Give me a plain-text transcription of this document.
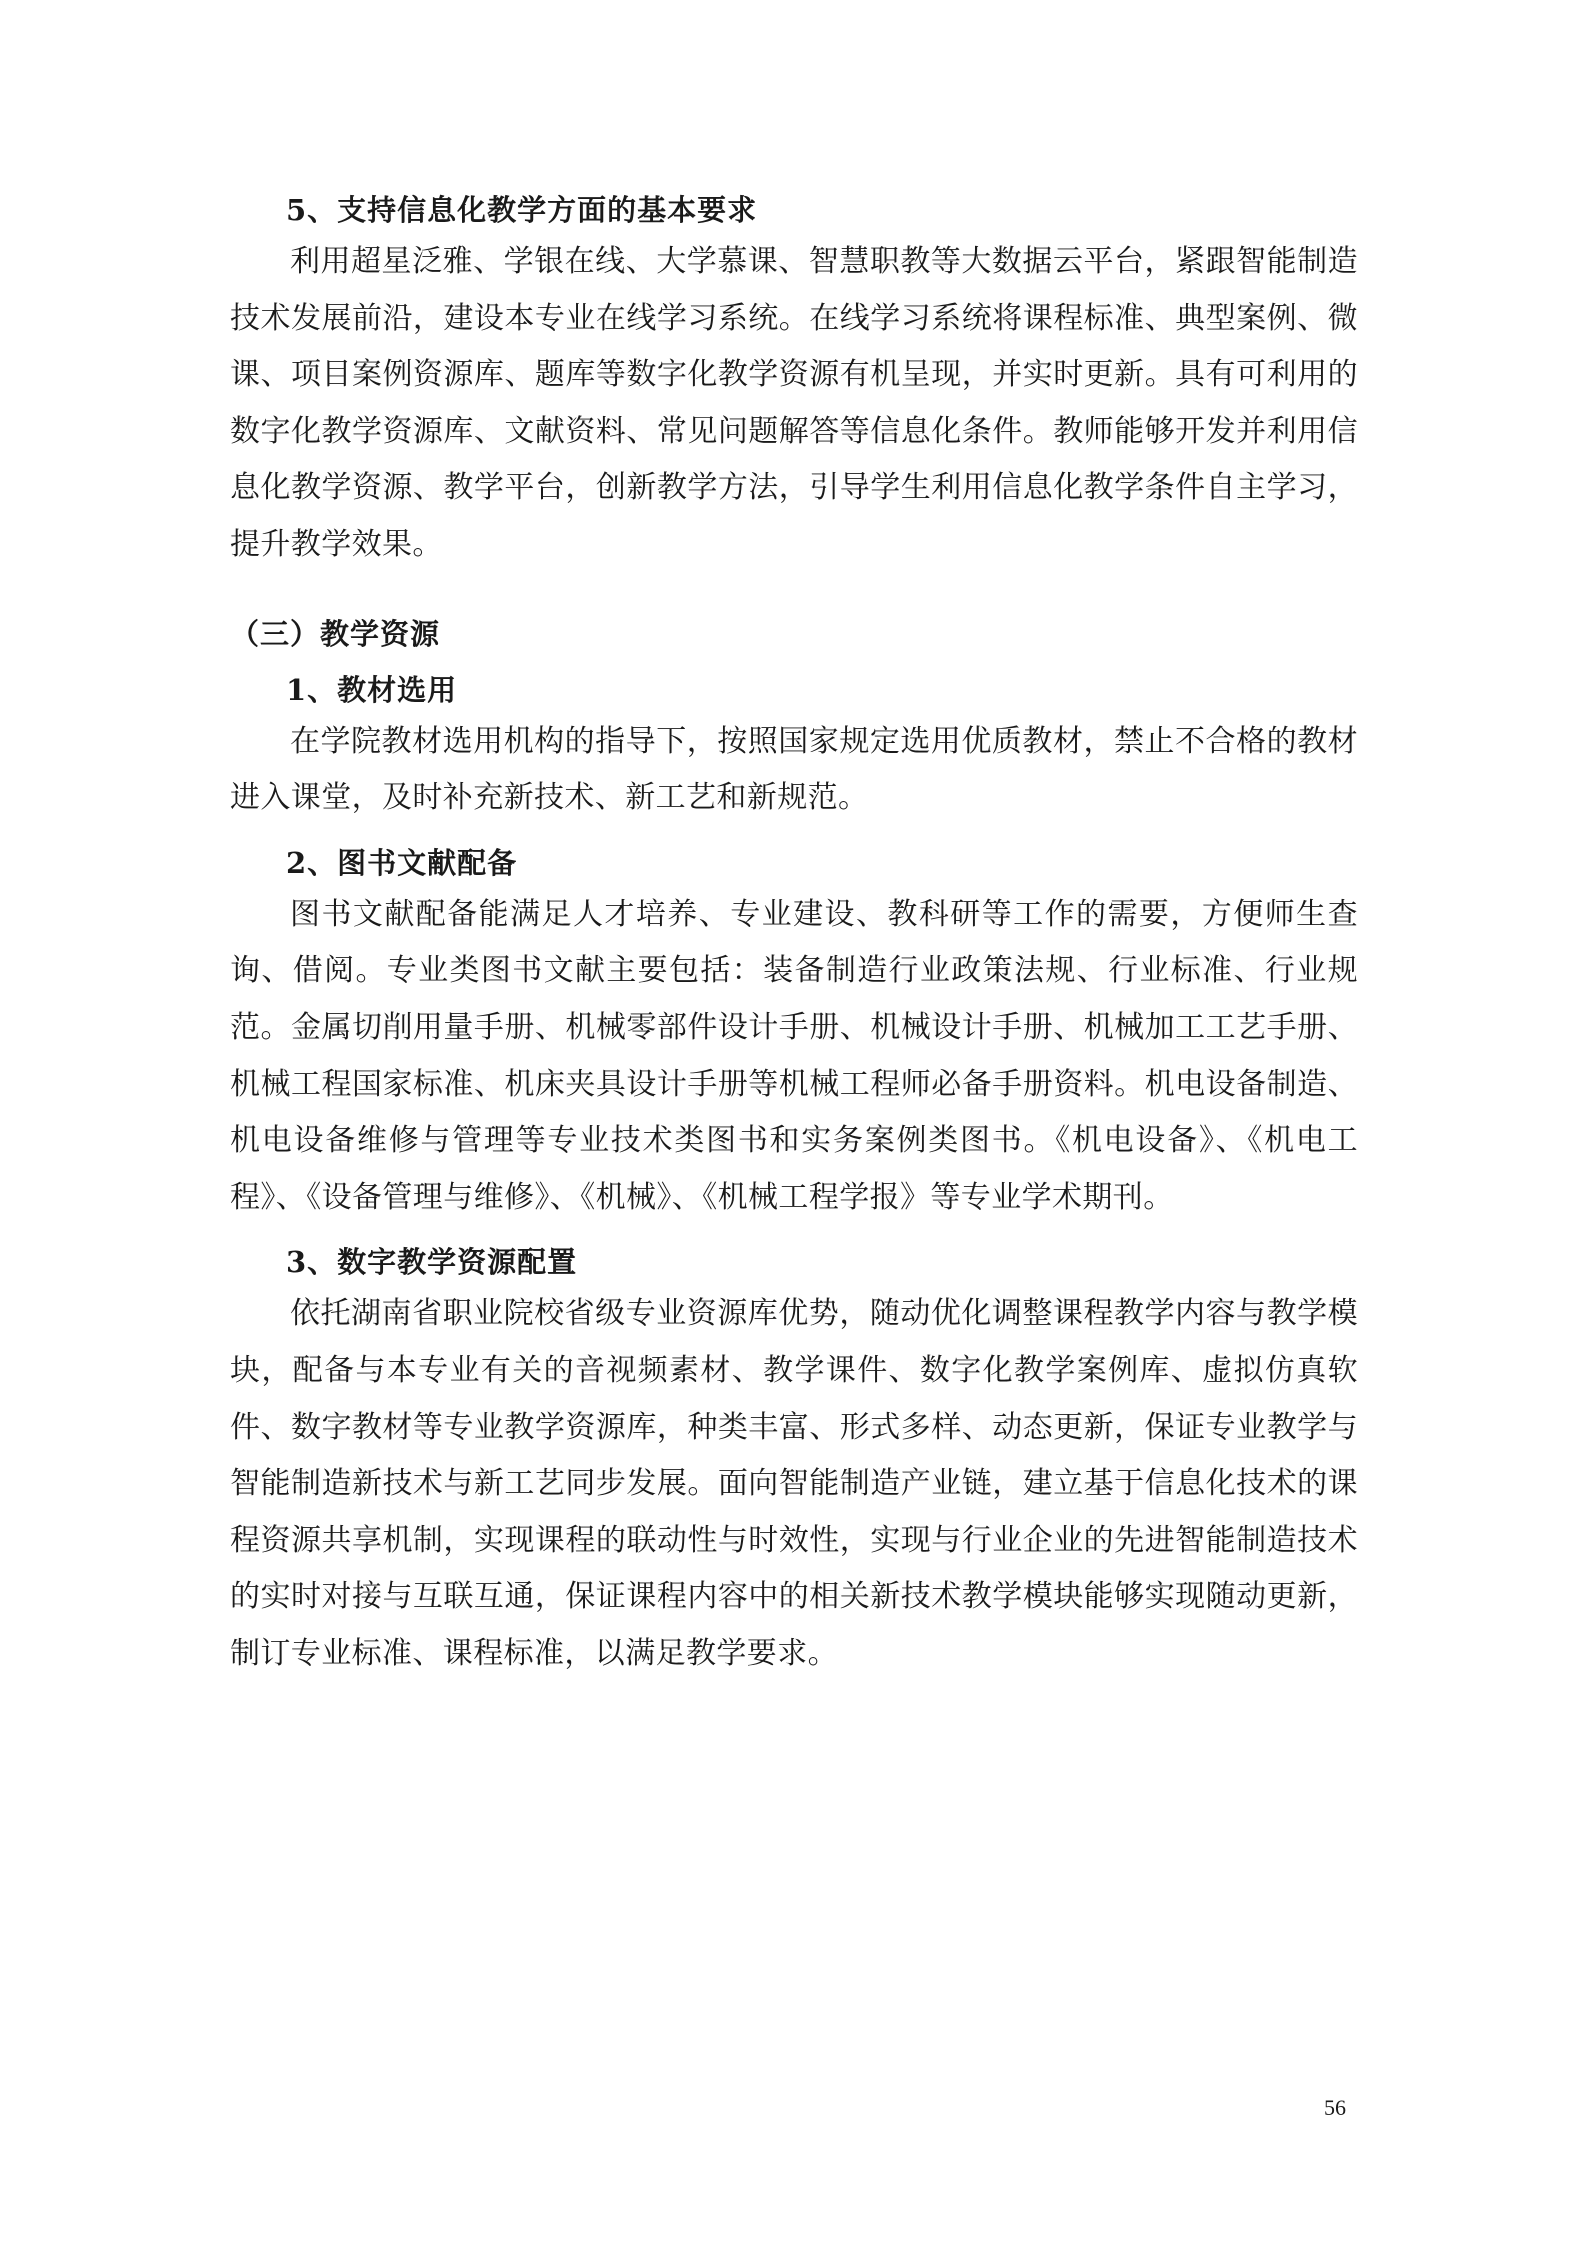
5、支持信息化教学方面的基本要求

利用超星泛雅、学银在线、大学慕课、智慧职教等大数据云平台，紧跟智能制造技术发展前沿，建设本专业在线学习系统。在线学习系统将课程标准、典型案例、微课、项目案例资源库、题库等数字化教学资源有机呈现，并实时更新。具有可利用的数字化教学资源库、文献资料、常见问题解答等信息化条件。教师能够开发并利用信息化教学资源、教学平台，创新教学方法，引导学生利用信息化教学条件自主学习，提升教学效果。

（三）教学资源
1、教材选用

在学院教材选用机构的指导下，按照国家规定选用优质教材，禁止不合格的教材进入课堂，及时补充新技术、新工艺和新规范。

2、图书文献配备

图书文献配备能满足人才培养、专业建设、教科研等工作的需要，方便师生查询、借阅。专业类图书文献主要包括：装备制造行业政策法规、行业标准、行业规范。金属切削用量手册、机械零部件设计手册、机械设计手册、机械加工工艺手册、机械工程国家标准、机床夹具设计手册等机械工程师必备手册资料。机电设备制造、机电设备维修与管理等专业技术类图书和实务案例类图书。《机电设备》、《机电工程》、《设备管理与维修》、《机械》、《机械工程学报》等专业学术期刊。

3、数字教学资源配置

依托湖南省职业院校省级专业资源库优势，随动优化调整课程教学内容与教学模块，配备与本专业有关的音视频素材、教学课件、数字化教学案例库、虚拟仿真软件、数字教材等专业教学资源库，种类丰富、形式多样、动态更新，保证专业教学与智能制造新技术与新工艺同步发展。面向智能制造产业链，建立基于信息化技术的课程资源共享机制，实现课程的联动性与时效性，实现与行业企业的先进智能制造技术的实时对接与互联互通，保证课程内容中的相关新技术教学模块能够实现随动更新，制订专业标准、课程标准，以满足教学要求。

56
